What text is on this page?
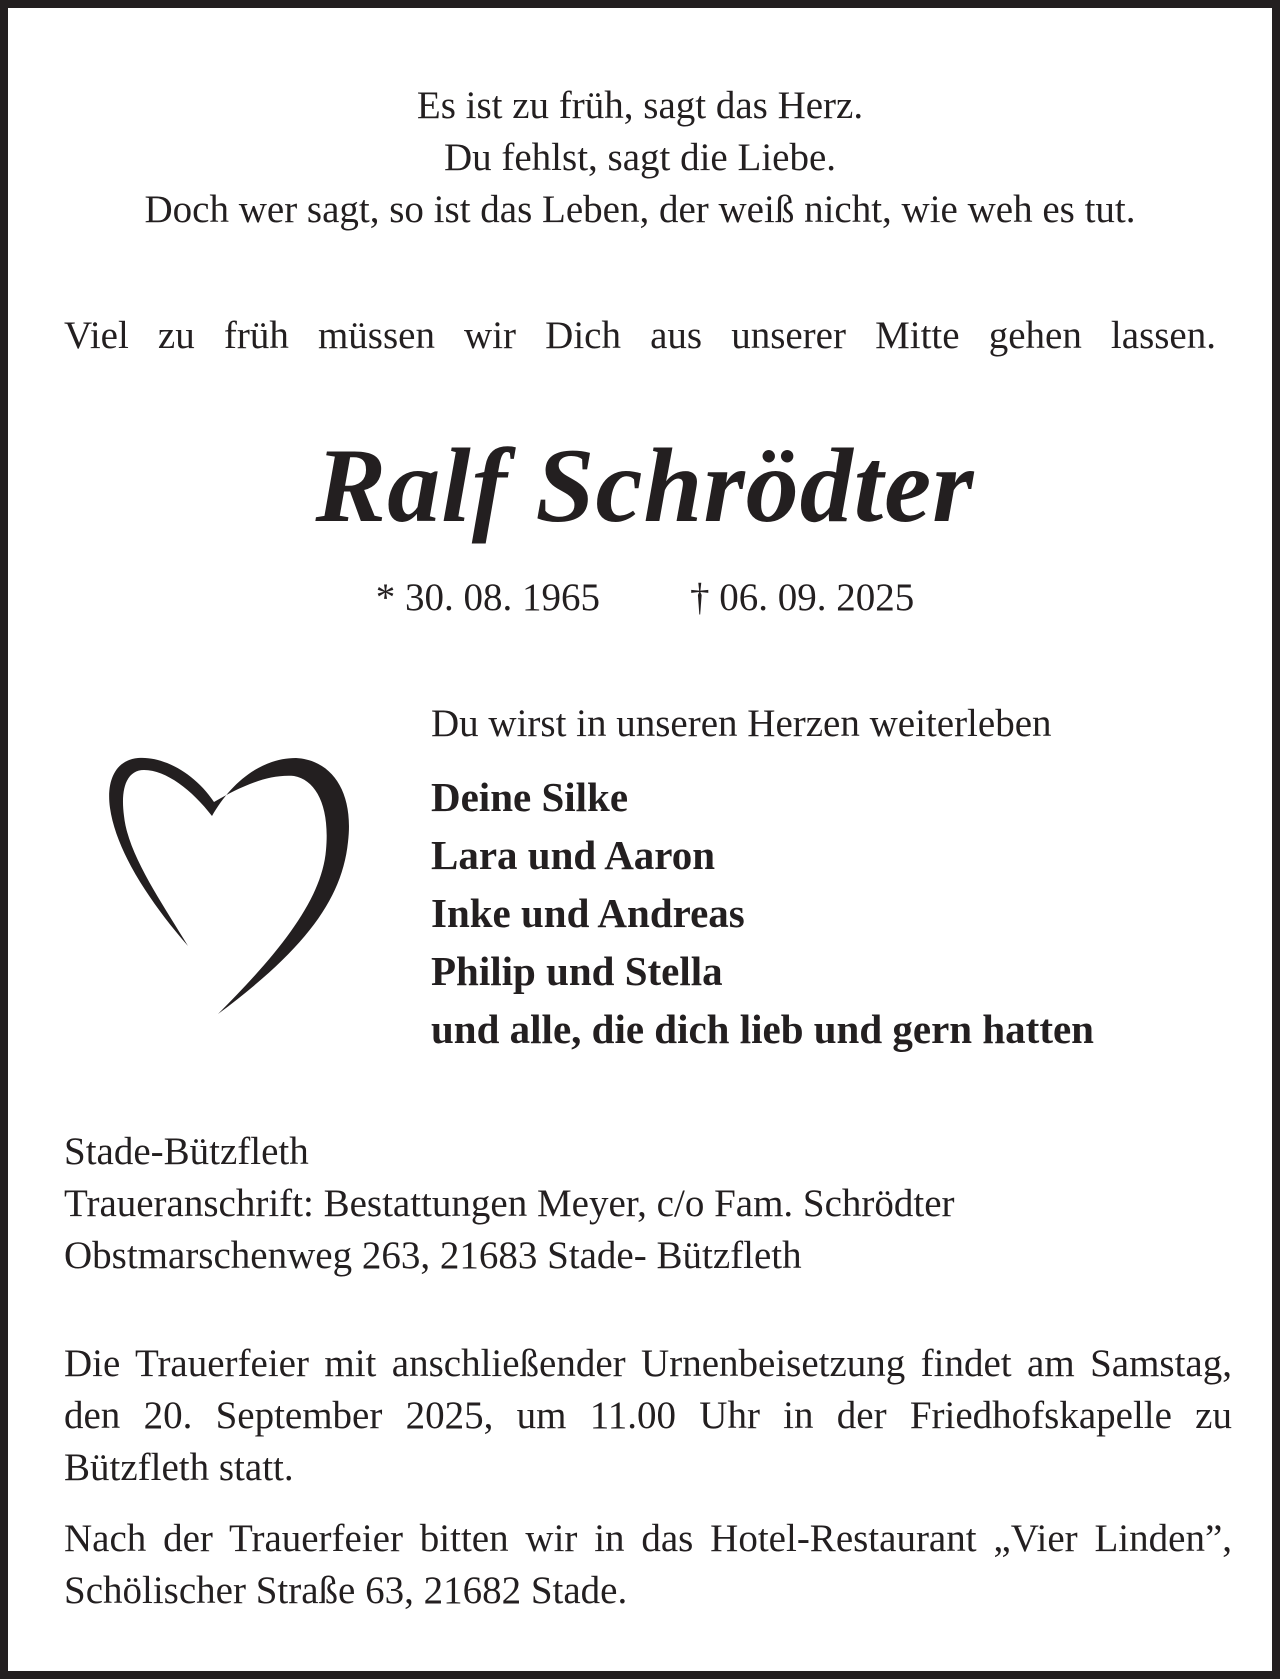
Es ist zu früh, sagt das Herz.
Du fehlst, sagt die Liebe.
Doch wer sagt, so ist das Leben, der weiß nicht, wie weh es tut.
Viel zu früh müssen wir Dich aus unserer Mitte gehen lassen.
Ralf Schrödter
* 30. 08. 1965 † 06. 09. 2025
Du wirst in unseren Herzen weiterleben
Deine Silke
Lara und Aaron
Inke und Andreas
Philip und Stella
und alle, die dich lieb und gern hatten
Stade-Bützfleth
Traueranschrift: Bestattungen Meyer, c/o Fam. Schrödter
Obstmarschenweg 263, 21683 Stade- Bützfleth
Die Trauerfeier mit anschließender Urnenbeisetzung findet am Samstag, den 20. September 2025, um 11.00 Uhr in der Friedhofskapelle zu Bützfleth statt.
Nach der Trauerfeier bitten wir in das Hotel-Restaurant „Vier Linden”, Schölischer Straße 63, 21682 Stade.
